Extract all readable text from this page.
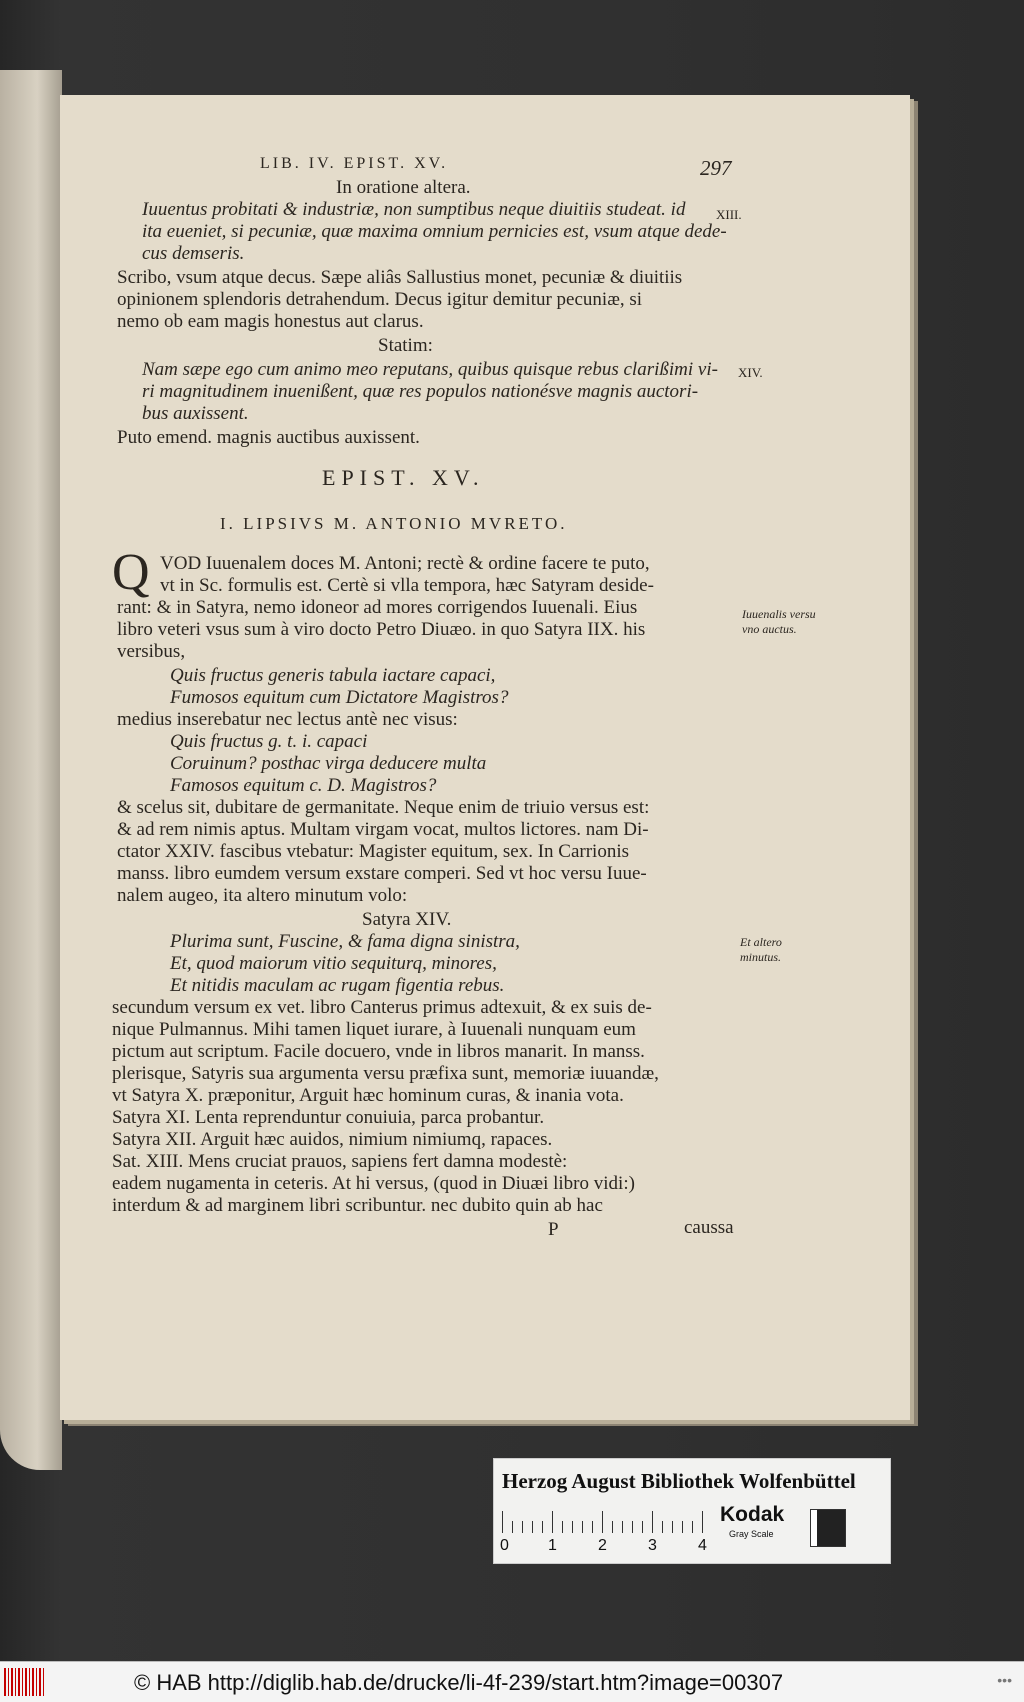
LIB. IV. EPIST. XV.	297
In oratione altera.
Iuuentus probitati & industriæ, non sumptibus neque diuitiis studeat. id XIII.
ita eueniet, si pecuniæ, quæ maxima omnium pernicies est, vsum atque dede-
cus demseris.
Scribo, vsum atque decus. Sæpe aliâs Sallustius monet, pecuniæ & diuitiis
opinionem splendoris detrahendum. Decus igitur demitur pecuniæ, si
nemo ob eam magis honestus aut clarus.
Statim:
Nam sæpe ego cum animo meo reputans, quibus quisque rebus clarißimi vi- XIV.
ri magnitudinem inuenißent, quæ res populos nationésve magnis auctori-
bus auxissent.
Puto emend. magnis auctibus auxissent.
EPIST. XV.
I. LIPSIVS M. ANTONIO MVRETO.
Q VOD Iuuenalem doces M. Antoni; rectè & ordine facere te puto,
vt in Sc. formulis est. Certè si vlla tempora, hæc Satyram deside-
rant: & in Satyra, nemo idoneor ad mores corrigendos Iuuenali. Eius	Iuuenalis versu vno auctus.
libro veteri vsus sum à viro docto Petro Diuæo. in quo Satyra IIX. his
versibus,
Quis fructus generis tabula iactare capaci,
Fumosos equitum cum Dictatore Magistros?
medius inserebatur nec lectus antè nec visus:
Quis fructus g. t. i. capaci
Coruinum? posthac virga deducere multa
Famosos equitum c. D. Magistros?
& scelus sit, dubitare de germanitate. Neque enim de triuio versus est:
& ad rem nimis aptus. Multam virgam vocat, multos lictores. nam Di-
ctator XXIV. fascibus vtebatur: Magister equitum, sex. In Carrionis
manss. libro eumdem versum exstare comperi. Sed vt hoc versu Iuue-
nalem augeo, ita altero minutum volo:
Satyra XIV.
Plurima sunt, Fuscine, & fama digna sinistra,	Et altero minutus.
Et, quod maiorum vitio sequiturq, minores,
Et nitidis maculam ac rugam figentia rebus.
secundum versum ex vet. libro Canterus primus adtexuit, & ex suis de-
nique Pulmannus. Mihi tamen liquet iurare, à Iuuenali nunquam eum
pictum aut scriptum. Facile docuero, vnde in libros manarit. In manss.
plerisque, Satyris sua argumenta versu præfixa sunt, memoriæ iuuandæ,
vt Satyra X. præponitur, Arguit hæc hominum curas, & inania vota.
Satyra XI. Lenta reprenduntur conuiuia, parca probantur.
Satyra XII. Arguit hæc auidos, nimium nimiumq, rapaces.
Sat. XIII. Mens cruciat prauos, sapiens fert damna modestè:
eadem nugamenta in ceteris. At hi versus, (quod in Diuæi libro vidi:)
interdum & ad marginem libri scribuntur. nec dubito quin ab hac
P	caussa
Herzog August Bibliothek Wolfenbüttel
0 1	2	3	4
Kodak
Gray Scale
© HAB http://diglib.hab.de/drucke/li-4f-239/start.htm?image=00307	•••
